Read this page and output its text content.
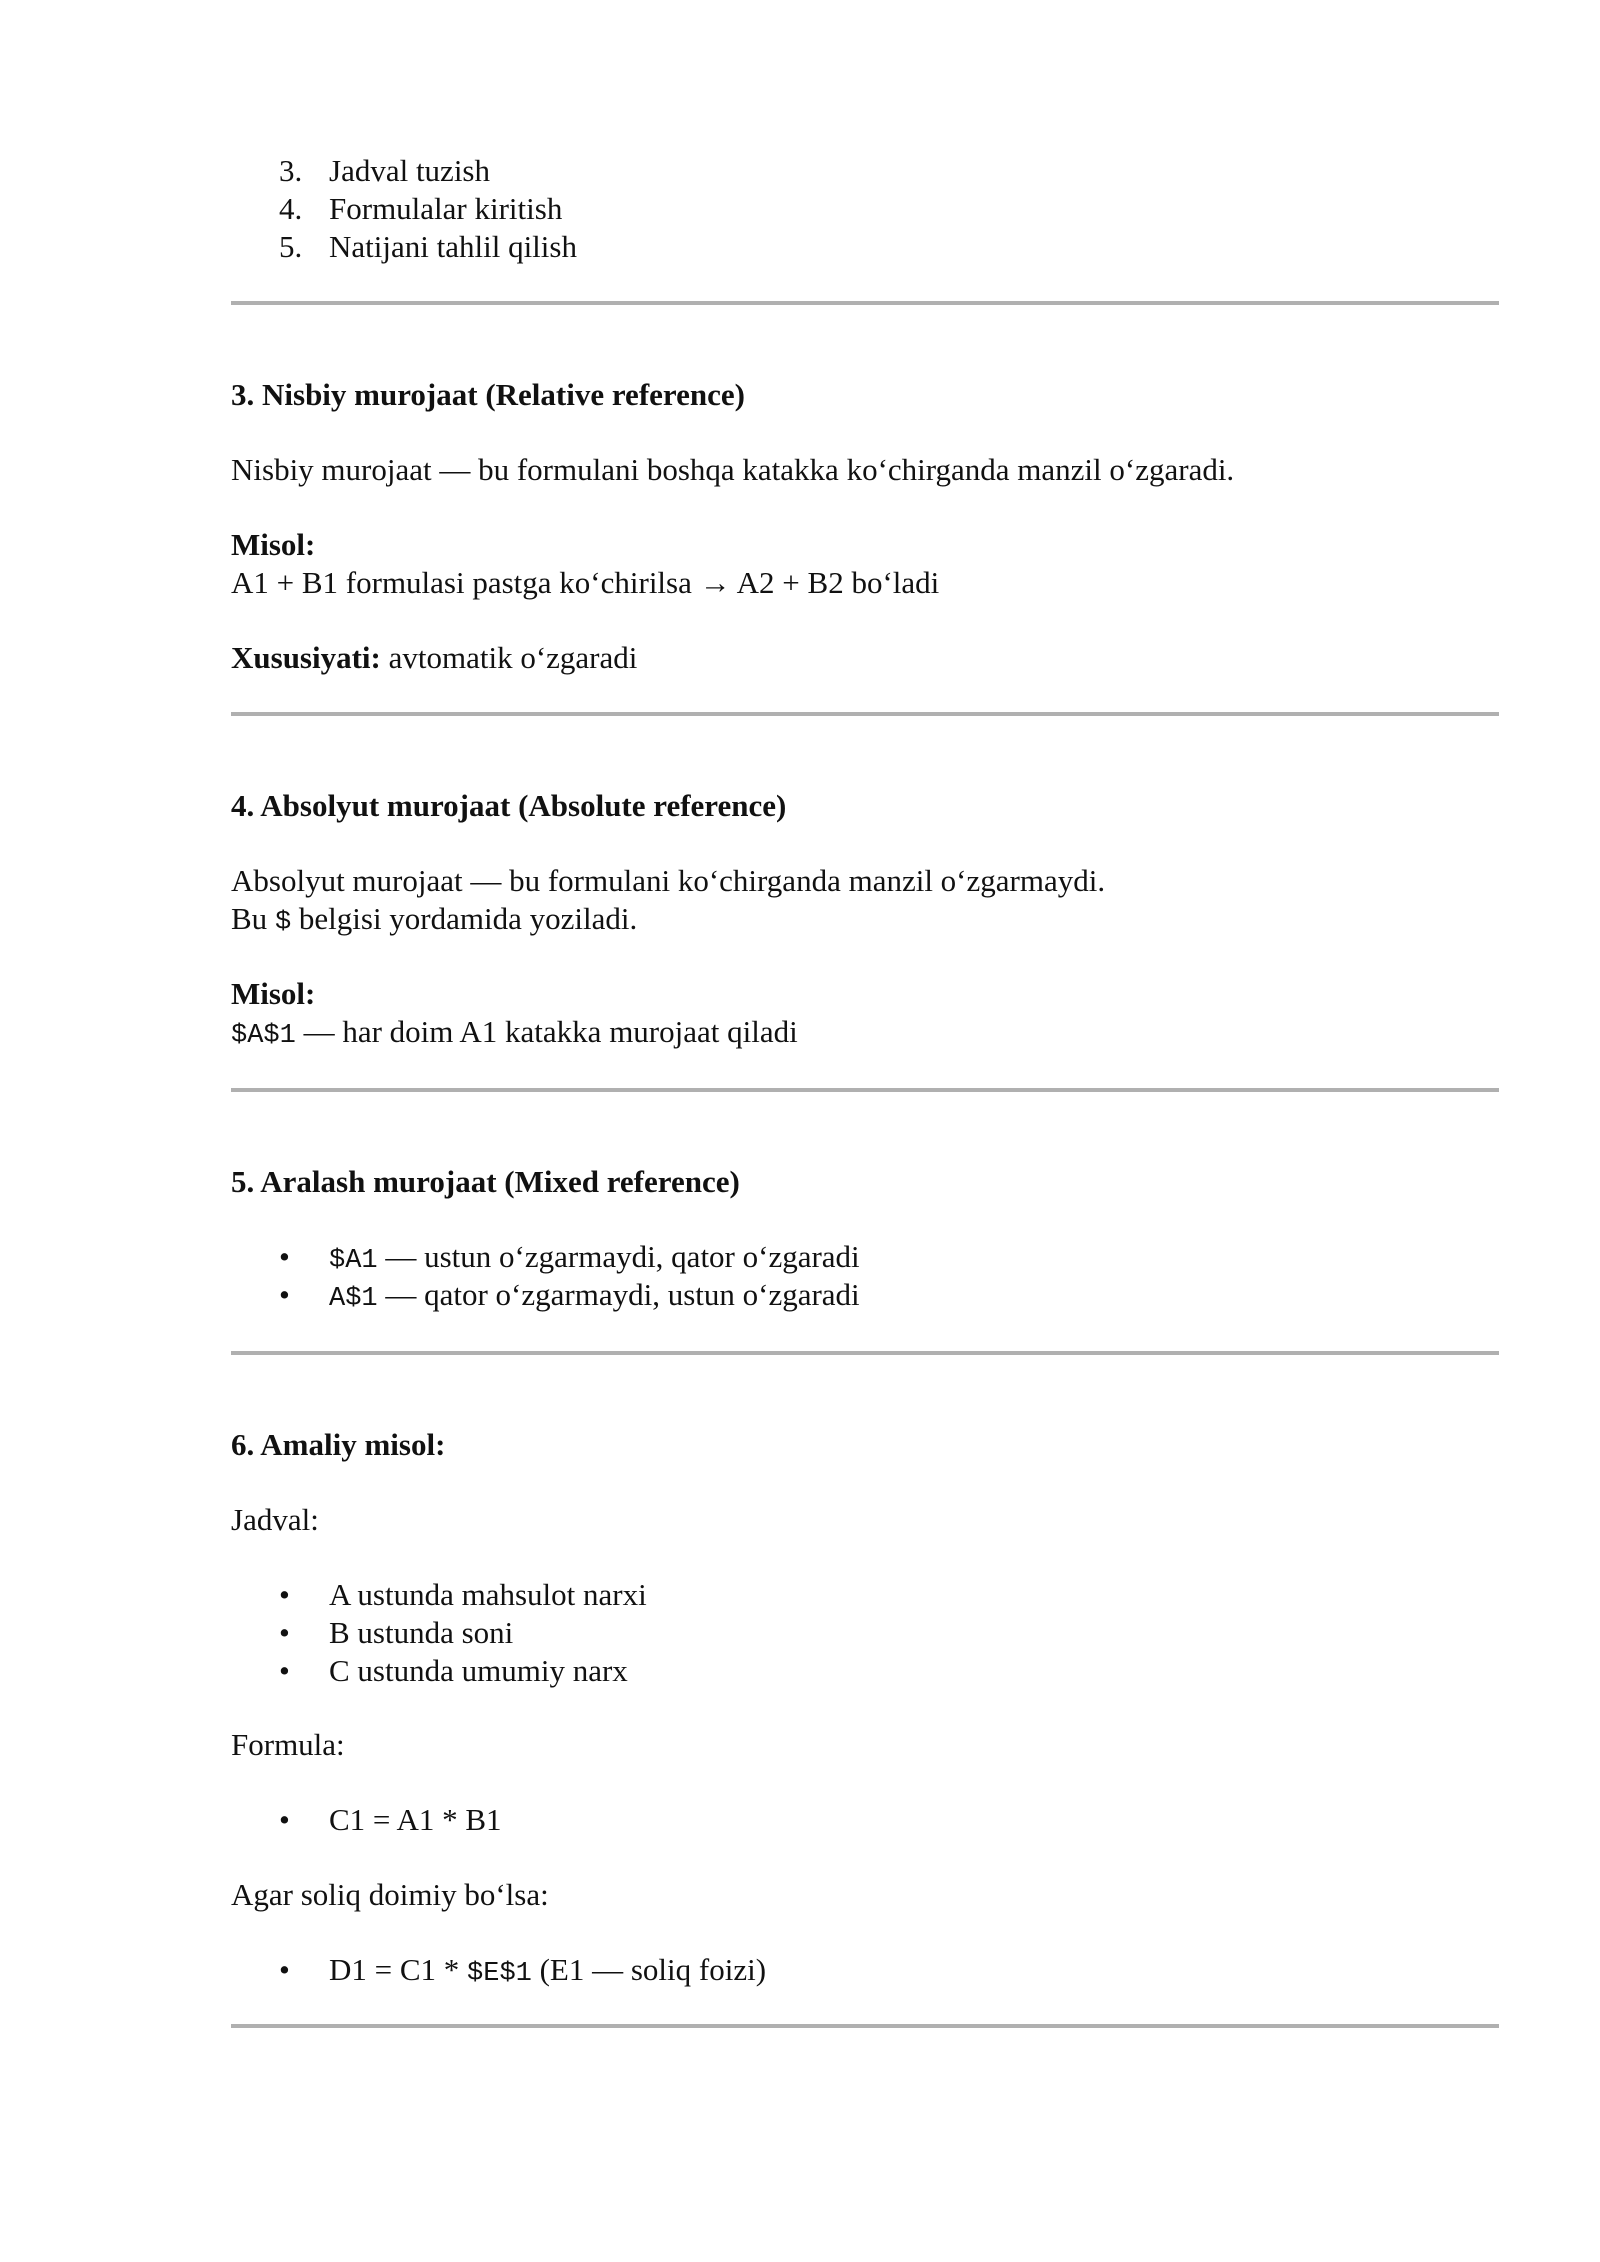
3. Jadval tuzish
4. Formulalar kiritish
5. Natijani tahlil qilish
3. Nisbiy murojaat (Relative reference)

Nisbiy murojaat — bu formulani boshqa katakka ko‘chirganda manzil o‘zgaradi.

Misol:
A1 + B1 formulasi pastga ko‘chirilsa → A2 + B2 bo‘ladi

Xususiyati: avtomatik o‘zgaradi

4. Absolyut murojaat (Absolute reference)
Absolyut murojaat — bu formulani ko‘chirganda manzil o‘zgarmaydi.
Bu $ belgisi yordamida yoziladi.
Misol:
$A$1 — har doim A1 katakka murojaat qiladi
5. Aralash murojaat (Mixed reference)
• $A1 — ustun o‘zgarmaydi, qator o‘zgaradi
• A$1 — qator o‘zgarmaydi, ustun o‘zgaradi
6. Amaliy misol:

Jadval:

• A ustunda mahsulot narxi
• B ustunda soni
• C ustunda umumiy narx

Formula:

• C1 = A1 * B1

Agar soliq doimiy bo‘lsa:

• D1 = C1 * $E$1 (E1 — soliq foizi)
